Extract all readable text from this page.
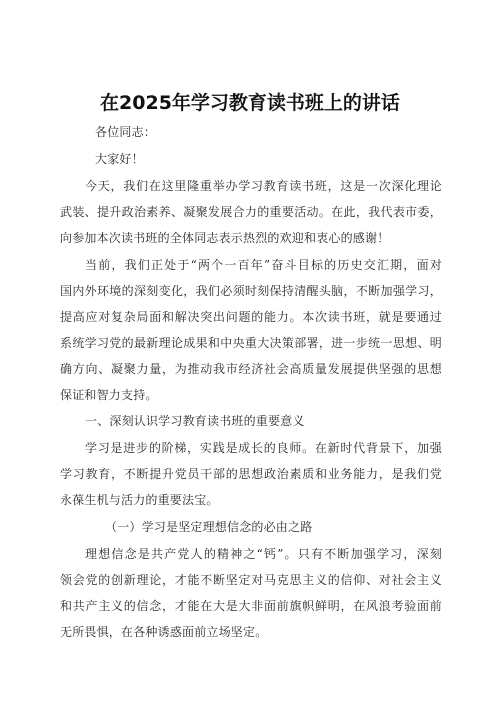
在2025年学习教育读书班上的讲话
各位同志：
大家好！
今天，我们在这里隆重举办学习教育读书班，这是一次深化理论
武装、提升政治素养、凝聚发展合力的重要活动。在此，我代表市委，
向参加本次读书班的全体同志表示热烈的欢迎和衷心的感谢！
当前，我们正处于“两个一百年”奋斗目标的历史交汇期，面对
国内外环境的深刻变化，我们必须时刻保持清醒头脑，不断加强学习，
提高应对复杂局面和解决突出问题的能力。本次读书班，就是要通过
系统学习党的最新理论成果和中央重大决策部署，进一步统一思想、明
确方向、凝聚力量，为推动我市经济社会高质量发展提供坚强的思想
保证和智力支持。
一、深刻认识学习教育读书班的重要意义
学习是进步的阶梯，实践是成长的良师。在新时代背景下，加强
学习教育，不断提升党员干部的思想政治素质和业务能力，是我们党
永葆生机与活力的重要法宝。
（一）学习是坚定理想信念的必由之路
理想信念是共产党人的精神之“钙”。只有不断加强学习，深刻
领会党的创新理论，才能不断坚定对马克思主义的信仰、对社会主义
和共产主义的信念，才能在大是大非面前旗帜鲜明，在风浪考验面前
无所畏惧，在各种诱惑面前立场坚定。
